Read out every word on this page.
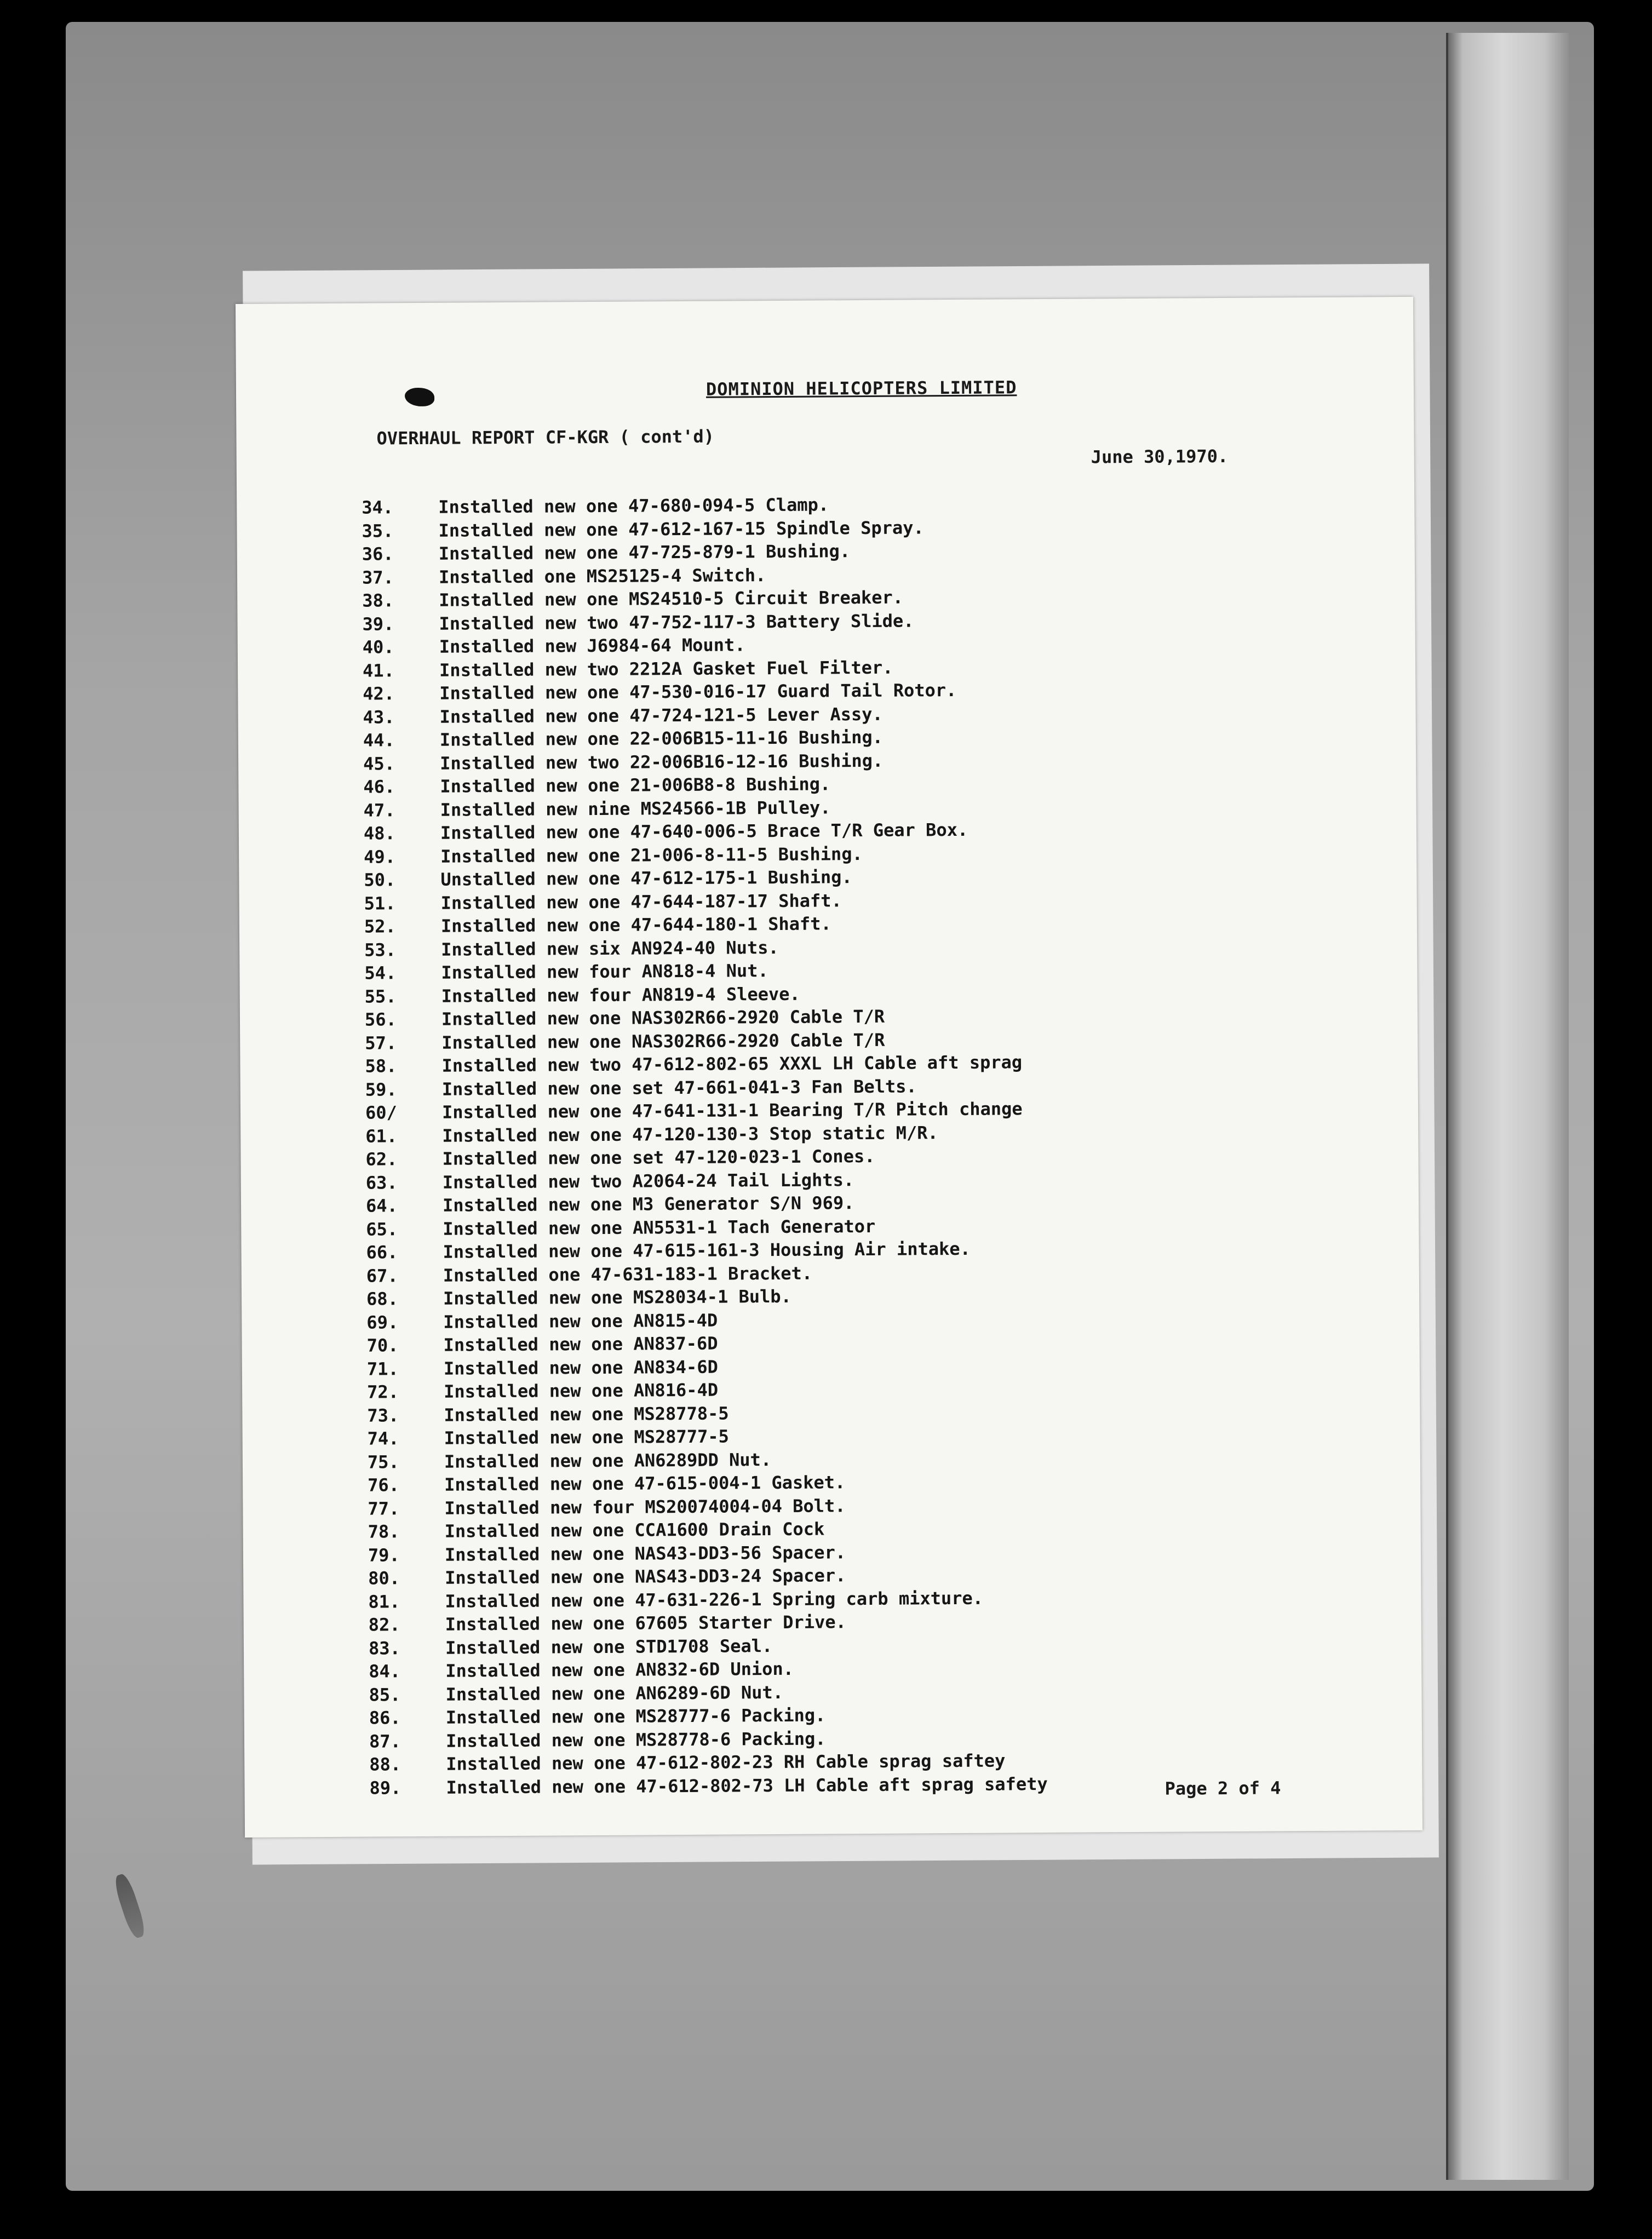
DOMINION HELICOPTERS LIMITED
OVERHAUL REPORT CF-KGR ( cont'd)
June 30,1970.
34.	Installed new one 47-680-094-5 Clamp.
35.	Installed new one 47-612-167-15 Spindle Spray.
36.	Installed new one 47-725-879-1 Bushing.
37.	Installed one MS25125-4 Switch.
38.	Installed new one MS24510-5 Circuit Breaker.
39.	Installed new two 47-752-117-3 Battery Slide.
40.	Installed new J6984-64 Mount.
41.	Installed new two 2212A Gasket Fuel Filter.
42.	Installed new one 47-530-016-17 Guard Tail Rotor.
43.	Installed new one 47-724-121-5 Lever Assy.
44.	Installed new one 22-006B15-11-16 Bushing.
45.	Installed new two 22-006B16-12-16 Bushing.
46.	Installed new one 21-006B8-8 Bushing.
47.	Installed new nine MS24566-1B Pulley.
48.	Installed new one 47-640-006-5 Brace T/R Gear Box.
49.	Installed new one 21-006-8-11-5 Bushing.
50.	Unstalled new one 47-612-175-1 Bushing.
51.	Installed new one 47-644-187-17 Shaft.
52.	Installed new one 47-644-180-1 Shaft.
53.	Installed new six AN924-40 Nuts.
54.	Installed new four AN818-4 Nut.
55.	Installed new four AN819-4 Sleeve.
56.	Installed new one NAS302R66-2920 Cable T/R
57.	Installed new one NAS302R66-2920 Cable T/R
58.	Installed new two 47-612-802-65 XXXL LH Cable aft sprag
59.	Installed new one set 47-661-041-3 Fan Belts.
60/	Installed new one 47-641-131-1 Bearing T/R Pitch change
61.	Installed new one 47-120-130-3 Stop static M/R.
62.	Installed new one set 47-120-023-1 Cones.
63.	Installed new two A2064-24 Tail Lights.
64.	Installed new one M3 Generator S/N 969.
65.	Installed new one AN5531-1 Tach Generator
66.	Installed new one 47-615-161-3 Housing Air intake.
67.	Installed one 47-631-183-1 Bracket.
68.	Installed new one MS28034-1 Bulb.
69.	Installed new one AN815-4D
70.	Installed new one AN837-6D
71.	Installed new one AN834-6D
72.	Installed new one AN816-4D
73.	Installed new one MS28778-5
74.	Installed new one MS28777-5
75.	Installed new one AN6289DD Nut.
76.	Installed new one 47-615-004-1 Gasket.
77.	Installed new four MS20074004-04 Bolt.
78.	Installed new one CCA1600 Drain Cock
79.	Installed new one NAS43-DD3-56 Spacer.
80.	Installed new one NAS43-DD3-24 Spacer.
81.	Installed new one 47-631-226-1 Spring carb mixture.
82.	Installed new one 67605 Starter Drive.
83.	Installed new one STD1708 Seal.
84.	Installed new one AN832-6D Union.
85.	Installed new one AN6289-6D Nut.
86.	Installed new one MS28777-6 Packing.
87.	Installed new one MS28778-6 Packing.
88.	Installed new one 47-612-802-23 RH Cable sprag saftey
89.	Installed new one 47-612-802-73 LH Cable aft sprag safety	Page 2 of 4
